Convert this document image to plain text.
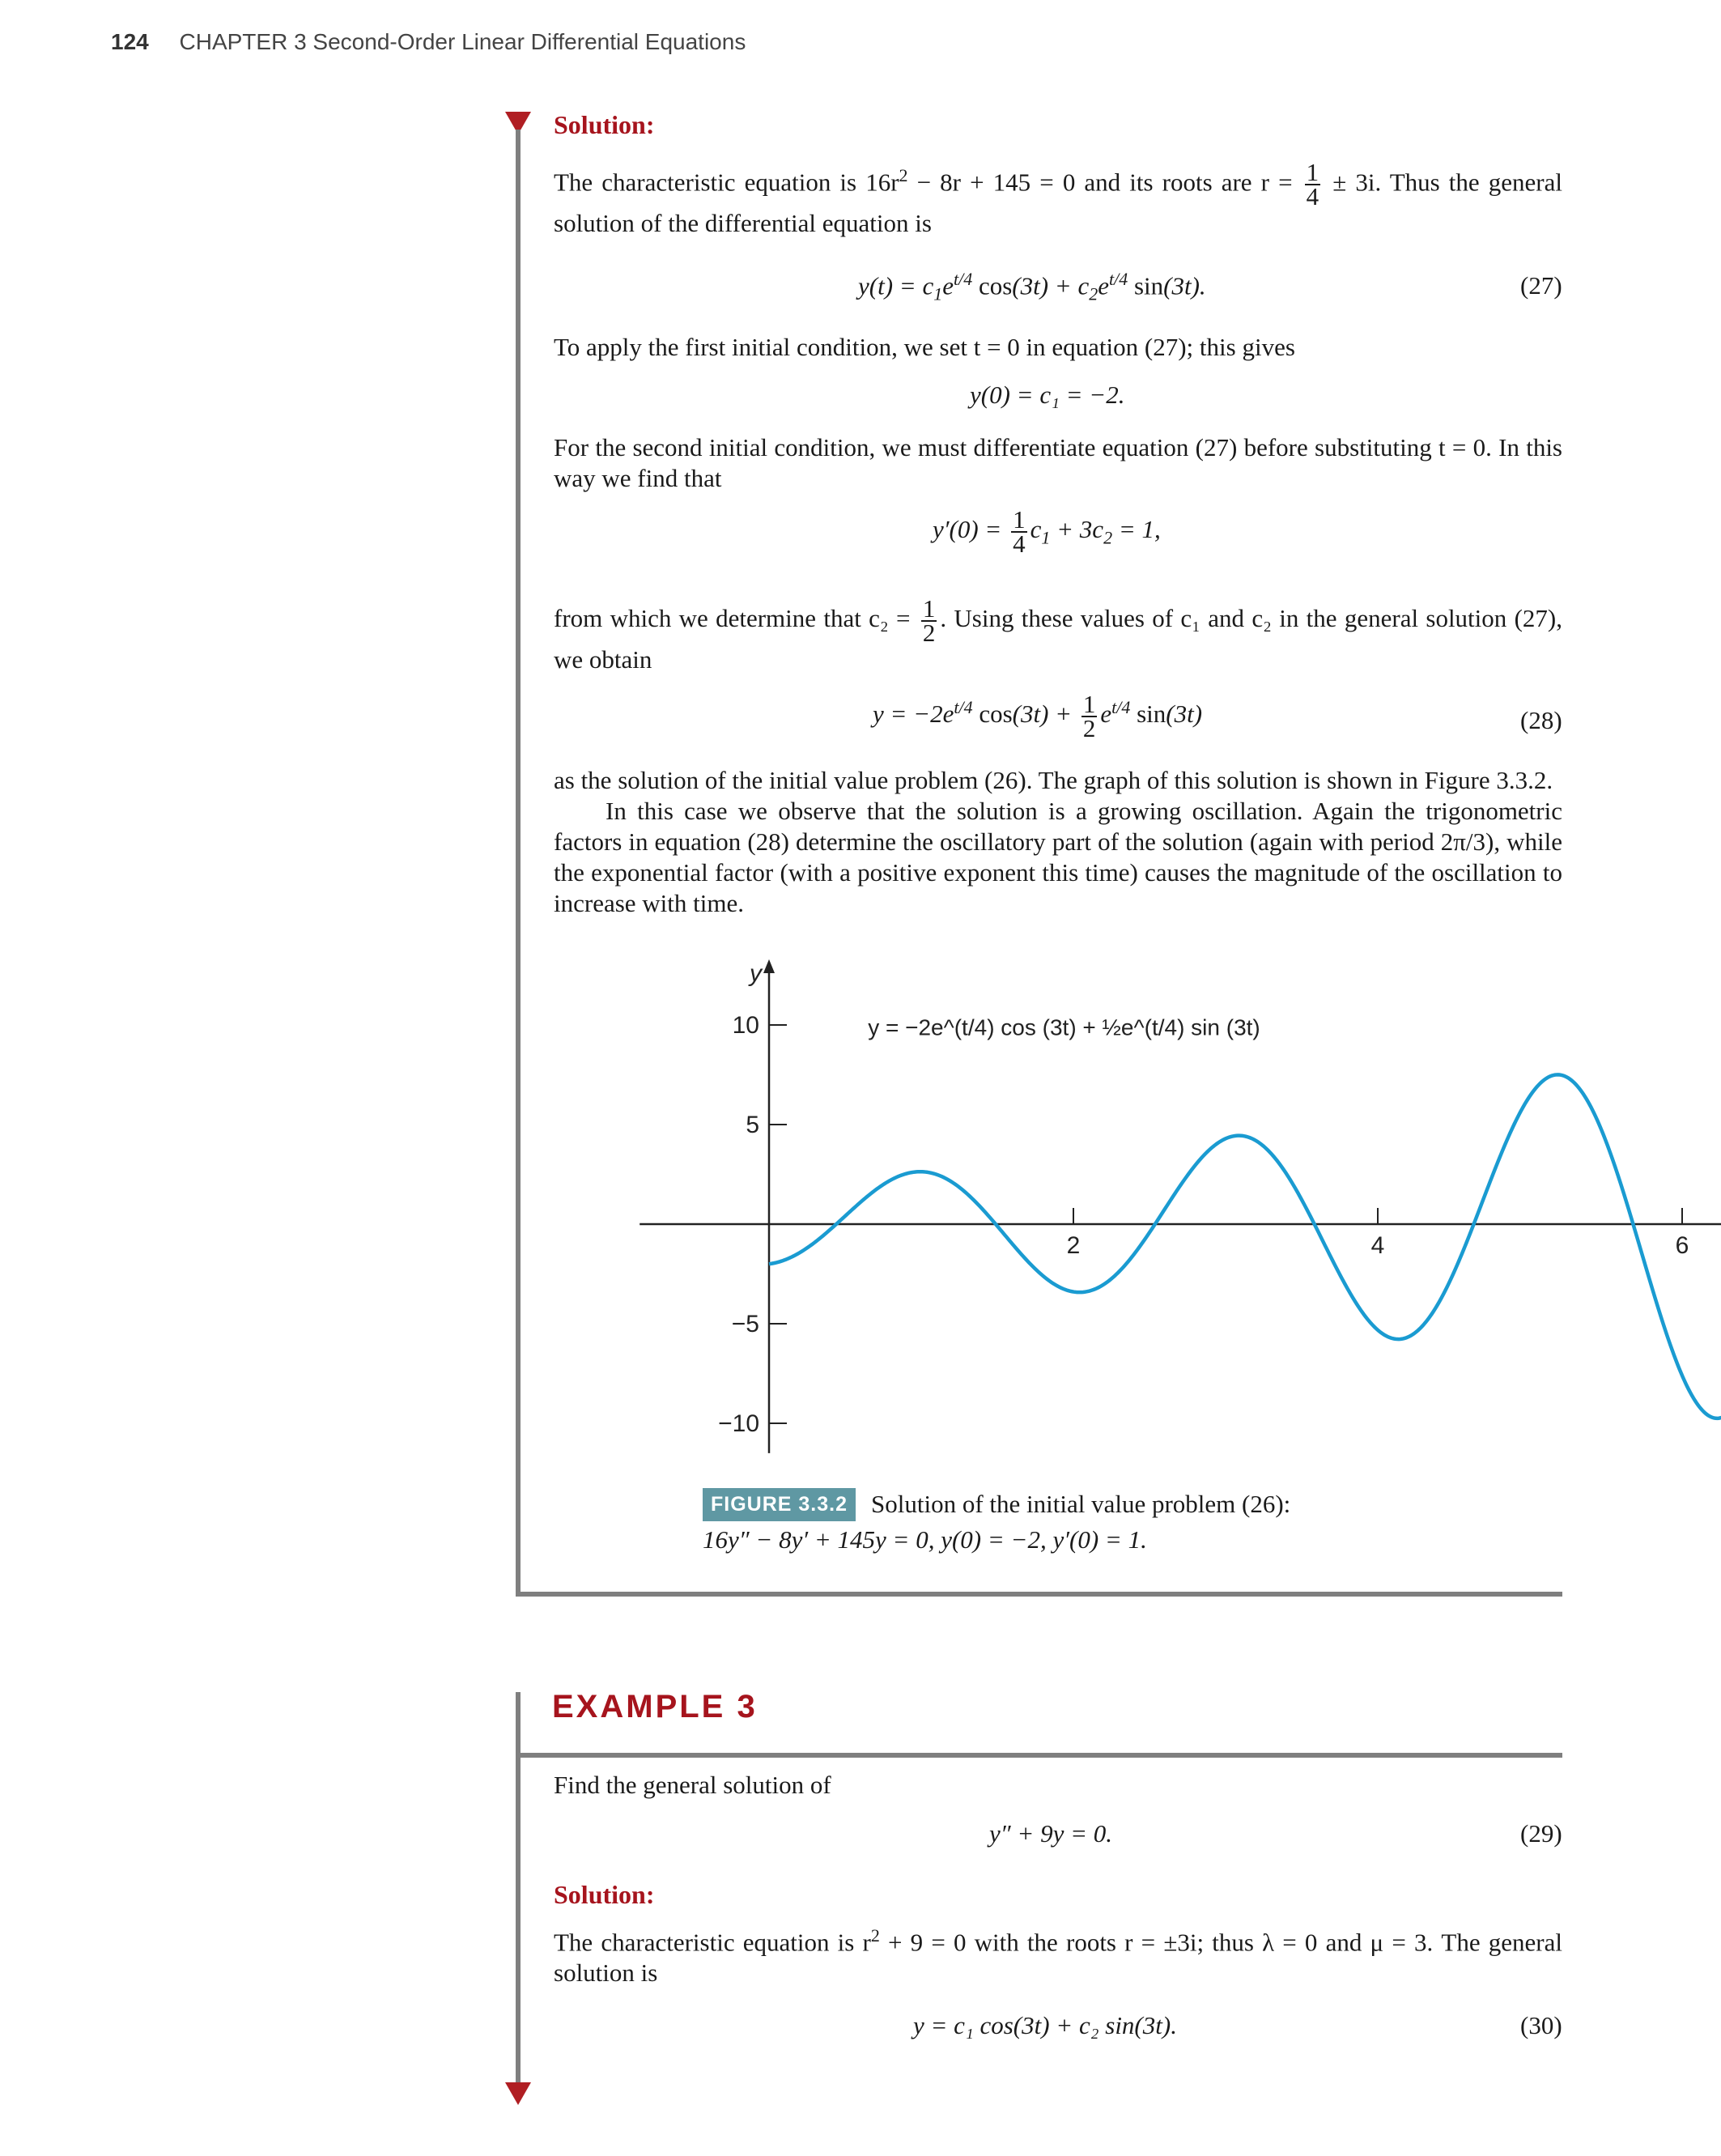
124 CHAPTER 3 Second-Order Linear Differential Equations
Solution:
The characteristic equation is $16r^2 - 8r + 145 = 0$ and its roots are $r = \frac{1}{4} \pm 3i$. Thus the general solution of the differential equation is
$y(t) = c_1e^{t/4}$ $\cos(3t) + c_2e^{t/4}$ sin(3t).	(27)
To apply the first initial condition, we set t = 0 in equation (27); this gives
y(0) = c₁ = −2.
For the second initial condition, we must differentiate equation (27) before substituting t = 0. In this way we find that
$y'(0) = \frac{1}{4} c_1 + 3c_2 = 1$,
from which we determine that $c_2 = \frac{1}{2}$ . Using these values of c₁ and c₂ in the general solution (27), we obtain
$y = -2e^{t/4}$ $\cos(3t) + \frac{1}{2} e^{t/4}$ sin(3t)	(28)
as the solution of the initial value problem (26). The graph of this solution is shown in Figure 3.3.2.
In this case we observe that the solution is a growing oscillation. Again the trigonometric factors in equation (28) determine the oscillatory part of the solution (again with period 2π/3), while the exponential factor (with a positive exponent this time) causes the magnitude of the oscillation to increase with time.
2	4	6
10
5
−5
−10
y
y = −2e^(t/4) cos (3t) + ½e^(t/4) sin (3t)
FIGURE 3.3.2 Solution of the initial value problem (26):
16y″ − 8y′ + 145y = 0, y(0) = −2, y′(0) = 1.
EXAMPLE 3
Find the general solution of
y″ + 9y = 0.	(29)
Solution:
The characteristic equation is $r^2 + 9 = 0$ with the roots r = ±3i; thus λ = 0 and μ = 3. The general solution is
y = c₁ cos(3t) + c₂ sin(3t).	(30)
